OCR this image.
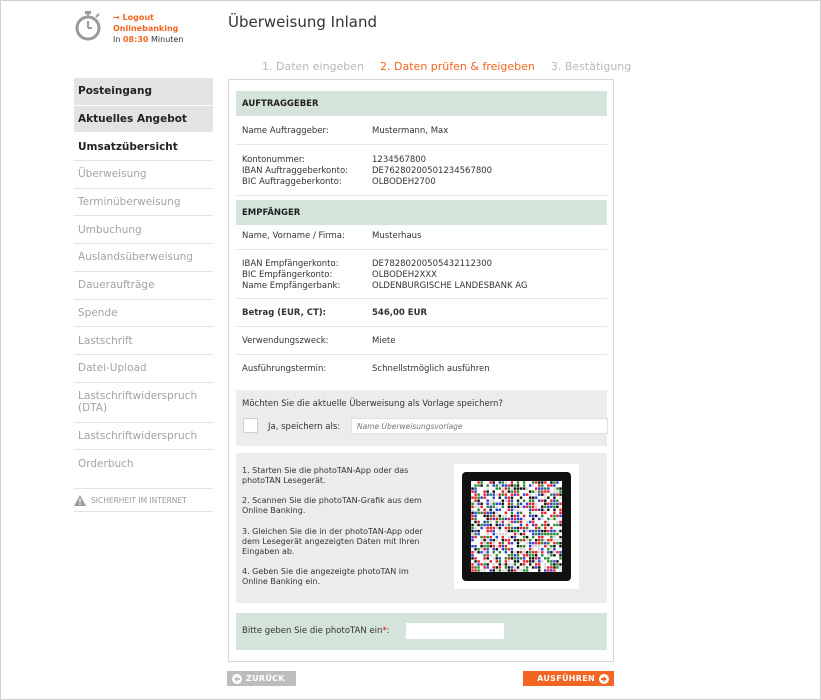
→ Logout
Onlinebanking
In 08:30 Minuten
Überweisung Inland
1. Daten eingeben 2. Daten prüfen & freigeben 3. Bestätigung
Posteingang
Aktuelles Angebot
Umsatzübersicht
Überweisung
Terminüberweisung
Umbuchung
Auslandsüberweisung
Daueraufträge
Spende
Lastschrift
Datei-Upload
Lastschriftwiderspruch (DTA)
Lastschriftwiderspruch
Orderbuch
SICHERHEIT IM INTERNET
AUFTRAGGEBER
Name Auftraggeber:	Mustermann, Max
Kontonummer:	1234567800
IBAN Auftraggeberkonto:	DE76280200501234567800
BIC Auftraggeberkonto:	OLBODEH2700
EMPFÄNGER
Name, Vorname / Firma:	Musterhaus
IBAN Empfängerkonto:	DE78280200505432112300
BIC Empfängerkonto:	OLBODEH2XXX
Name Empfängerbank:	OLDENBURGISCHE LANDESBANK AG
Betrag (EUR, CT):	546,00 EUR
Verwendungszweck:	Miete
Ausführungstermin:	Schnellstmöglich ausführen
Möchten Sie die aktuelle Überweisung als Vorlage speichern?
Ja, speichern als:
Name Überweisungsvorlage
1. Starten Sie die photoTAN-App oder das photoTAN Lesegerät.
2. Scannen Sie die photoTAN-Grafik aus dem Online Banking.
3. Gleichen Sie die in der photoTAN-App oder dem Lesegerät angezeigten Daten mit Ihren Eingaben ab.
4. Geben Sie die angezeigte photoTAN im Online Banking ein.
Bitte geben Sie die photoTAN ein*:
ZURÜCK	AUSFÜHREN
